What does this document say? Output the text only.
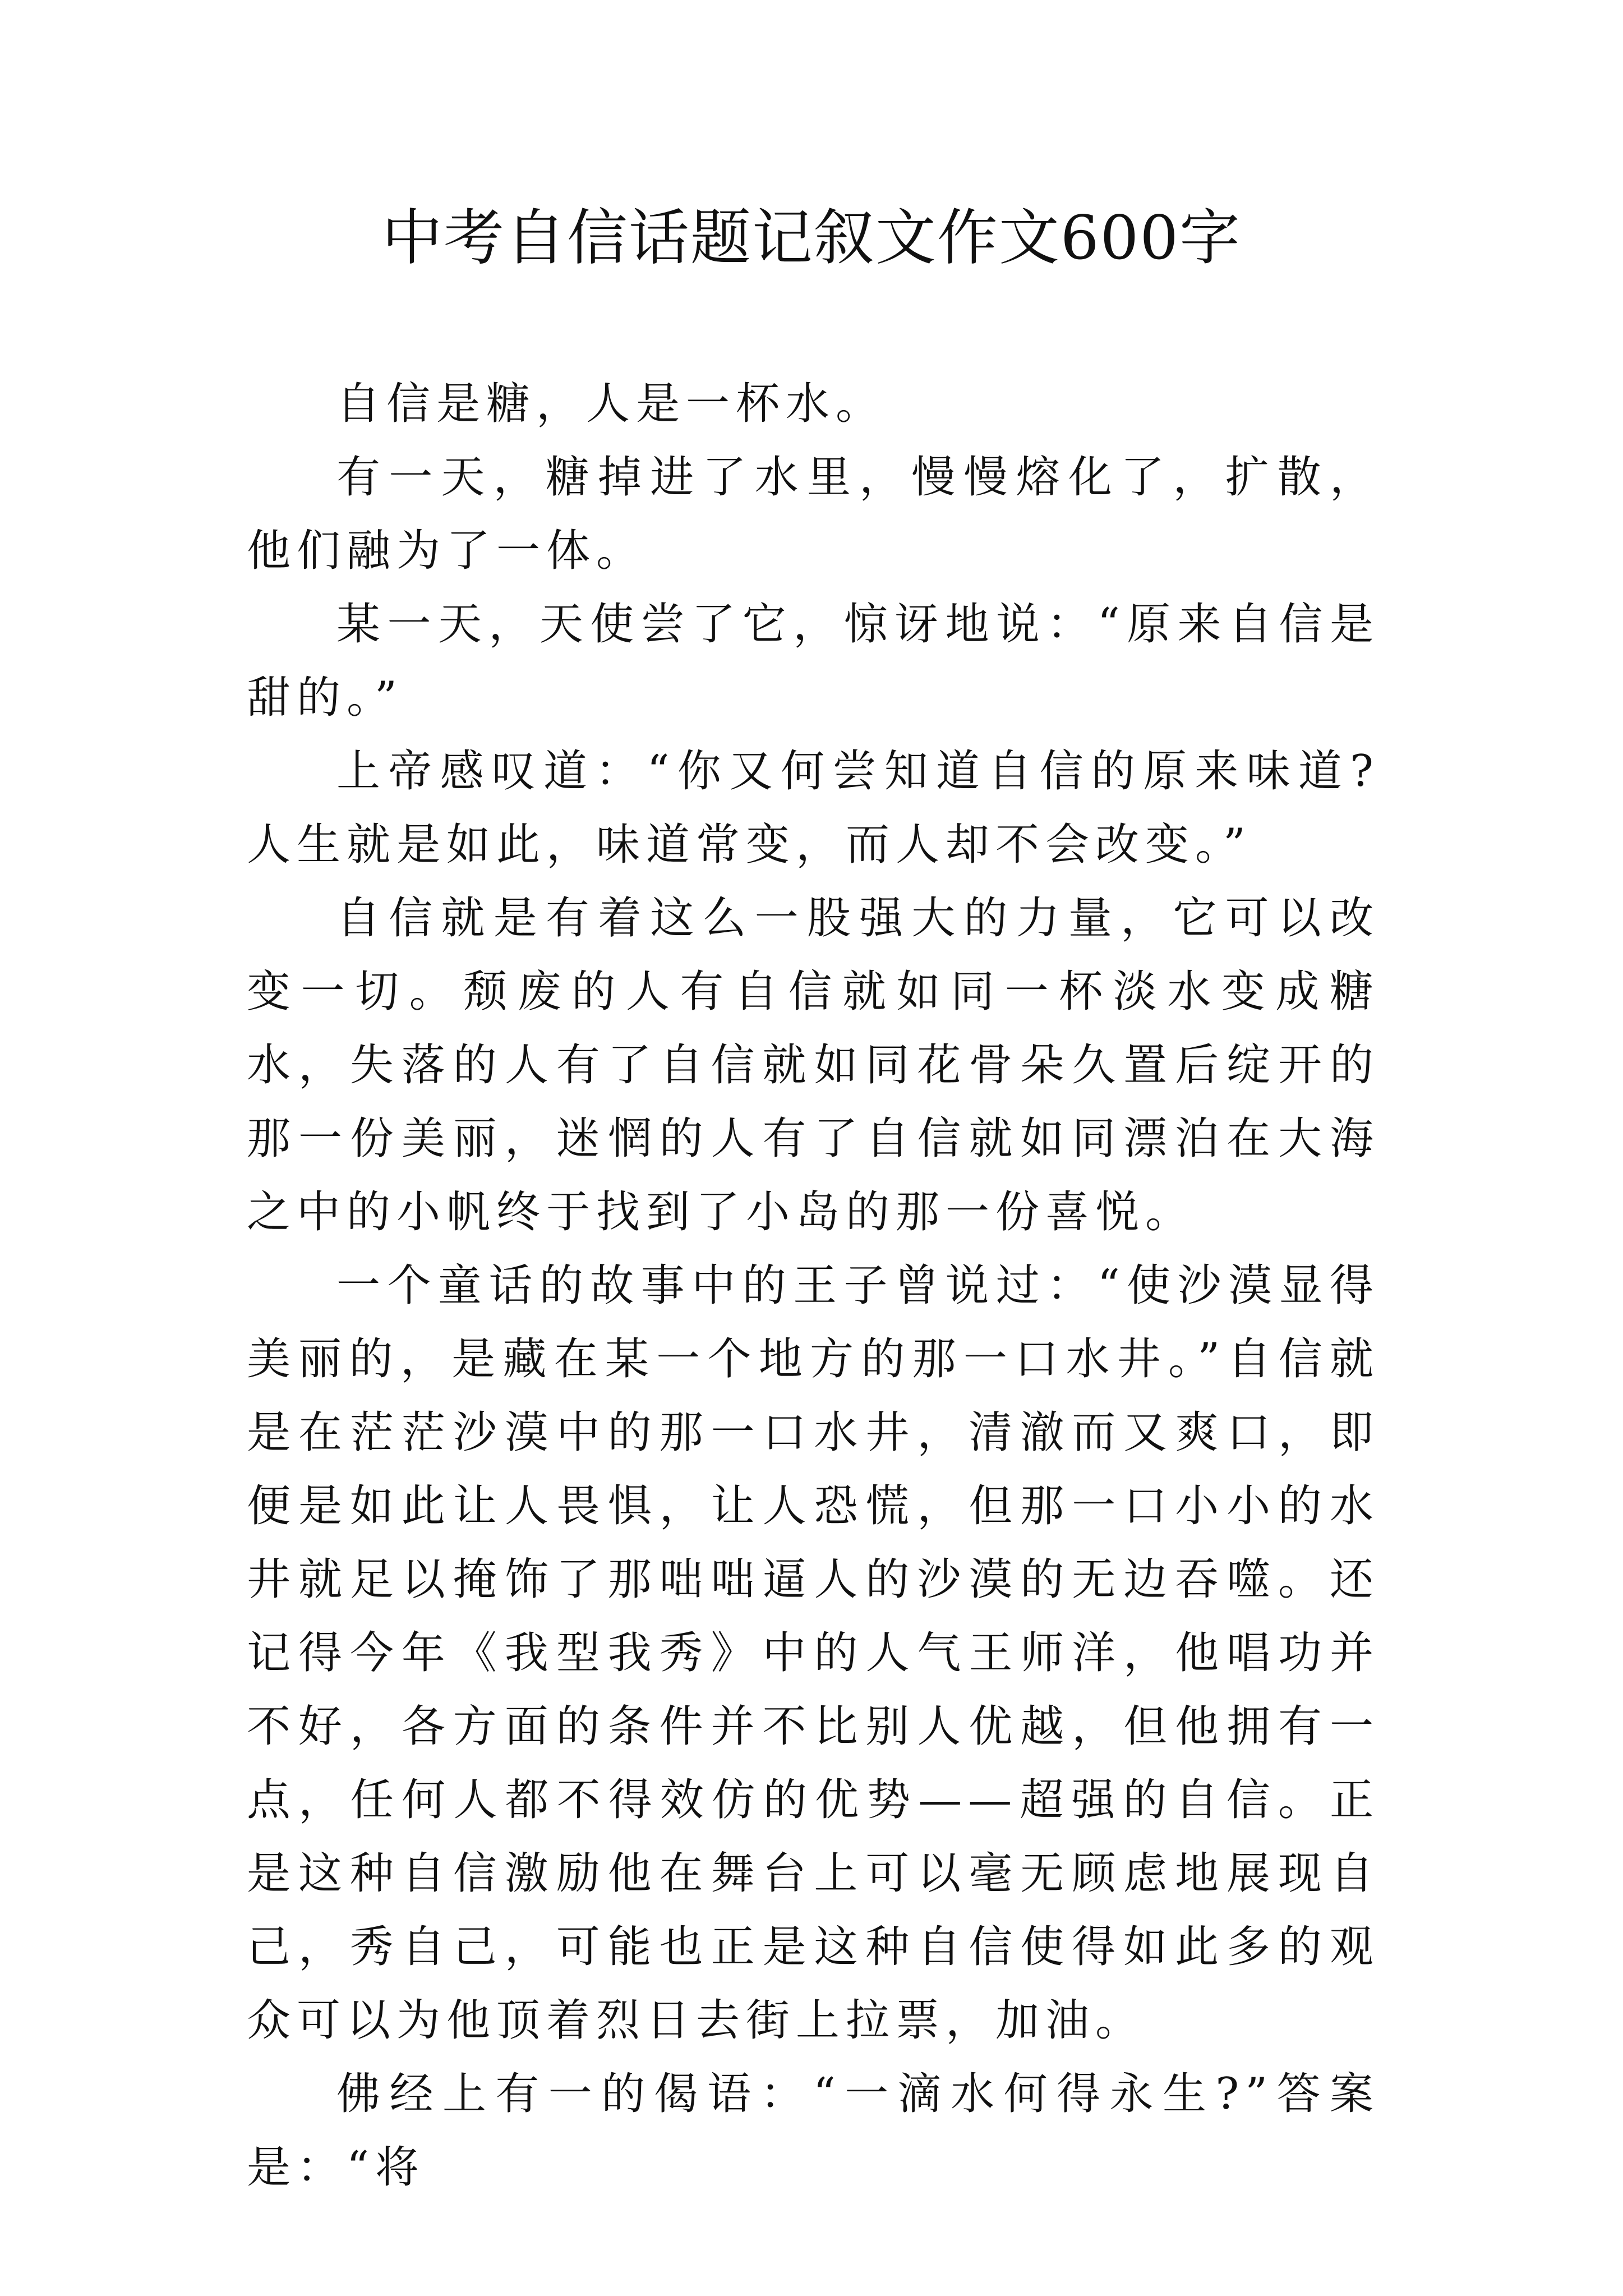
中考自信话题记叙文作文600字

自信是糖，人是一杯水。

有一天，糖掉进了水里，慢慢熔化了，扩散，他们融为了一体。

某一天，天使尝了它，惊讶地说：“原来自信是甜的。”

上帝感叹道：“你又何尝知道自信的原来味道?人生就是如此，味道常变，而人却不会改变。”

自信就是有着这么一股强大的力量，它可以改变一切。颓废的人有自信就如同一杯淡水变成糖水，失落的人有了自信就如同花骨朵久置后绽开的那一份美丽，迷惘的人有了自信就如同漂泊在大海之中的小帆终于找到了小岛的那一份喜悦。

一个童话的故事中的王子曾说过：“使沙漠显得美丽的，是藏在某一个地方的那一口水井。”自信就是在茫茫沙漠中的那一口水井，清澈而又爽口，即便是如此让人畏惧，让人恐慌，但那一口小小的水井就足以掩饰了那咄咄逼人的沙漠的无边吞噬。还记得今年《我型我秀》中的人气王师洋，他唱功并不好，各方面的条件并不比别人优越，但他拥有一点，任何人都不得效仿的优势——超强的自信。正是这种自信激励他在舞台上可以毫无顾虑地展现自己，秀自己，可能也正是这种自信使得如此多的观众可以为他顶着烈日去街上拉票，加油。

佛经上有一的偈语：“一滴水何得永生?”答案是：“将
